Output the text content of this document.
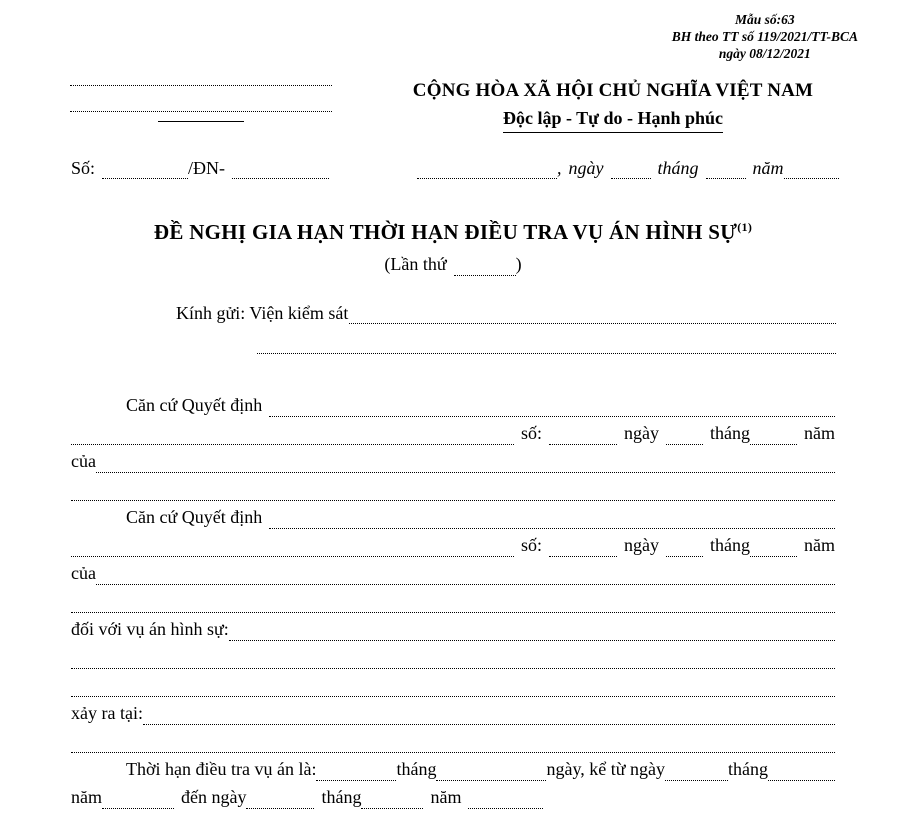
Mẫu số:63
BH theo TT số 119/2021/TT-BCA
ngày 08/12/2021
CỘNG HÒA XÃ HỘI CHỦ NGHĨA VIỆT NAM
Độc lập - Tự do - Hạnh phúc
Số:	/ĐN-	, ngày	tháng	năm
ĐỀ NGHỊ GIA HẠN THỜI HẠN ĐIỀU TRA VỤ ÁN HÌNH SỰ$^{(1)}$
(Lần thứ	)
Kính gửi: Viện kiểm sát
Căn cứ Quyết định
số:	ngày	tháng	năm
của
Căn cứ Quyết định
số:	ngày	tháng	năm
của
đối với vụ án hình sự:
xảy ra tại:
Thời hạn điều tra vụ án là:	tháng	ngày, kể từ ngày	tháng
năm	đến ngày	tháng	năm
